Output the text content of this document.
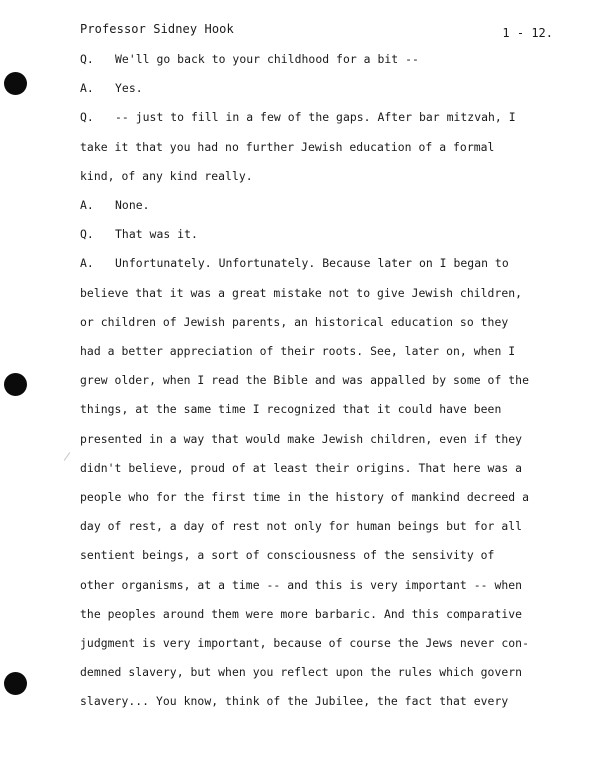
Professor Sidney Hook	1 - 12.
Q. We'll go back to your childhood for a bit --
A. Yes.
Q. -- just to fill in a few of the gaps. After bar mitzvah, I
take it that you had no further Jewish education of a formal
kind, of any kind really.
A. None.
Q. That was it.
A. Unfortunately. Unfortunately. Because later on I began to
believe that it was a great mistake not to give Jewish children,
or children of Jewish parents, an historical education so they
had a better appreciation of their roots. See, later on, when I
grew older, when I read the Bible and was appalled by some of the
things, at the same time I recognized that it could have been
presented in a way that would make Jewish children, even if they
didn't believe, proud of at least their origins. That here was a
people who for the first time in the history of mankind decreed a
day of rest, a day of rest not only for human beings but for all
sentient beings, a sort of consciousness of the sensivity of
other organisms, at a time -- and this is very important -- when
the peoples around them were more barbaric. And this comparative
judgment is very important, because of course the Jews never con-
demned slavery, but when you reflect upon the rules which govern
slavery... You know, think of the Jubilee, the fact that every
